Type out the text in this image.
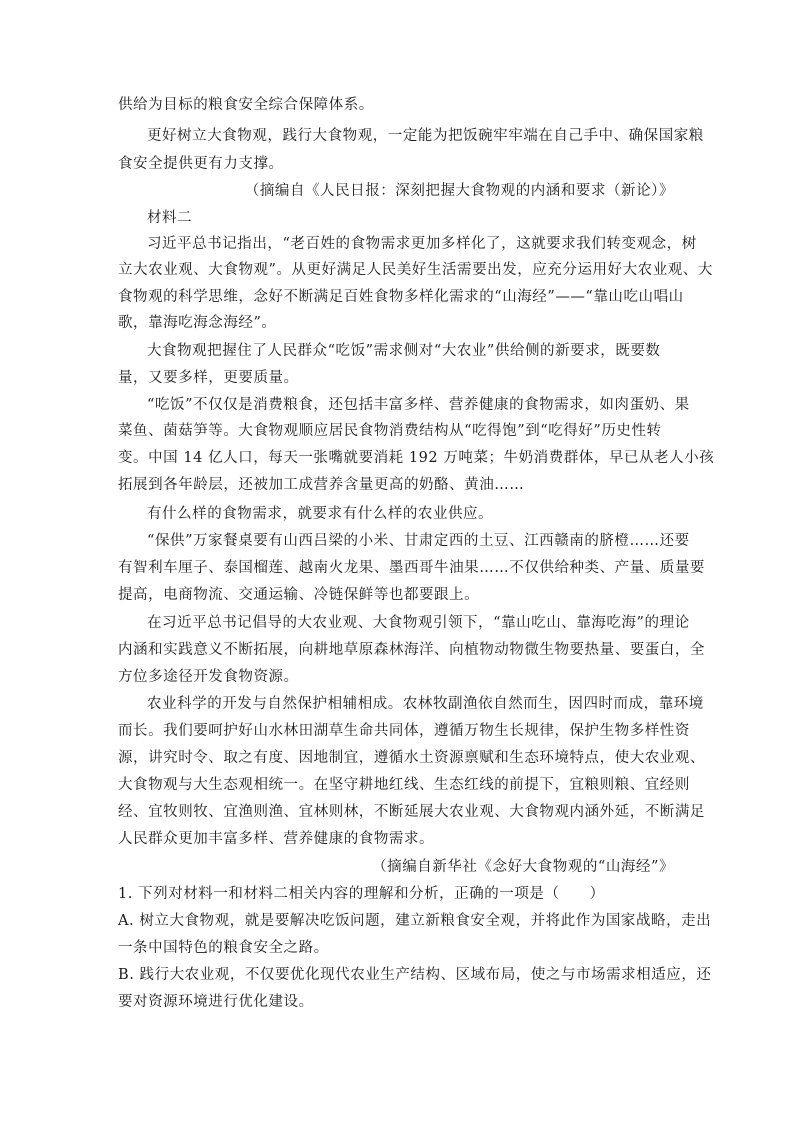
供给为目标的粮食安全综合保障体系。
更好树立大食物观，践行大食物观，一定能为把饭碗牢牢端在自己手中、确保国家粮
食安全提供更有力支撑。
（摘编自《人民日报：深刻把握大食物观的内涵和要求（新论）》
材料二
习近平总书记指出，“老百姓的食物需求更加多样化了，这就要求我们转变观念，树
立大农业观、大食物观”。从更好满足人民美好生活需要出发，应充分运用好大农业观、大
食物观的科学思维，念好不断满足百姓食物多样化需求的“山海经”——“靠山吃山唱山
歌，靠海吃海念海经”。
大食物观把握住了人民群众“吃饭”需求侧对“大农业”供给侧的新要求，既要数
量，又要多样，更要质量。
“吃饭”不仅仅是消费粮食，还包括丰富多样、营养健康的食物需求，如肉蛋奶、果
菜鱼、菌菇笋等。大食物观顺应居民食物消费结构从“吃得饱”到“吃得好”历史性转
变。中国 14 亿人口，每天一张嘴就要消耗 192 万吨菜；牛奶消费群体，早已从老人小孩
拓展到各年龄层，还被加工成营养含量更高的奶酪、黄油……
有什么样的食物需求，就要求有什么样的农业供应。
“保供”万家餐桌要有山西吕梁的小米、甘肃定西的土豆、江西赣南的脐橙……还要
有智利车厘子、泰国榴莲、越南火龙果、墨西哥牛油果……不仅供给种类、产量、质量要
提高，电商物流、交通运输、冷链保鲜等也都要跟上。
在习近平总书记倡导的大农业观、大食物观引领下，“靠山吃山、靠海吃海”的理论
内涵和实践意义不断拓展，向耕地草原森林海洋、向植物动物微生物要热量、要蛋白，全
方位多途径开发食物资源。
农业科学的开发与自然保护相辅相成。农林牧副渔依自然而生，因四时而成，靠环境
而长。我们要呵护好山水林田湖草生命共同体，遵循万物生长规律，保护生物多样性资
源，讲究时令、取之有度、因地制宜，遵循水土资源禀赋和生态环境特点，使大农业观、
大食物观与大生态观相统一。在坚守耕地红线、生态红线的前提下，宜粮则粮、宜经则
经、宜牧则牧、宜渔则渔、宜林则林，不断延展大农业观、大食物观内涵外延，不断满足
人民群众更加丰富多样、营养健康的食物需求。
（摘编自新华社《念好大食物观的“山海经”》
1. 下列对材料一和材料二相关内容的理解和分析，正确的一项是（　　）
A. 树立大食物观，就是要解决吃饭问题，建立新粮食安全观，并将此作为国家战略，走出
一条中国特色的粮食安全之路。
B. 践行大农业观，不仅要优化现代农业生产结构、区域布局，使之与市场需求相适应，还
要对资源环境进行优化建设。
